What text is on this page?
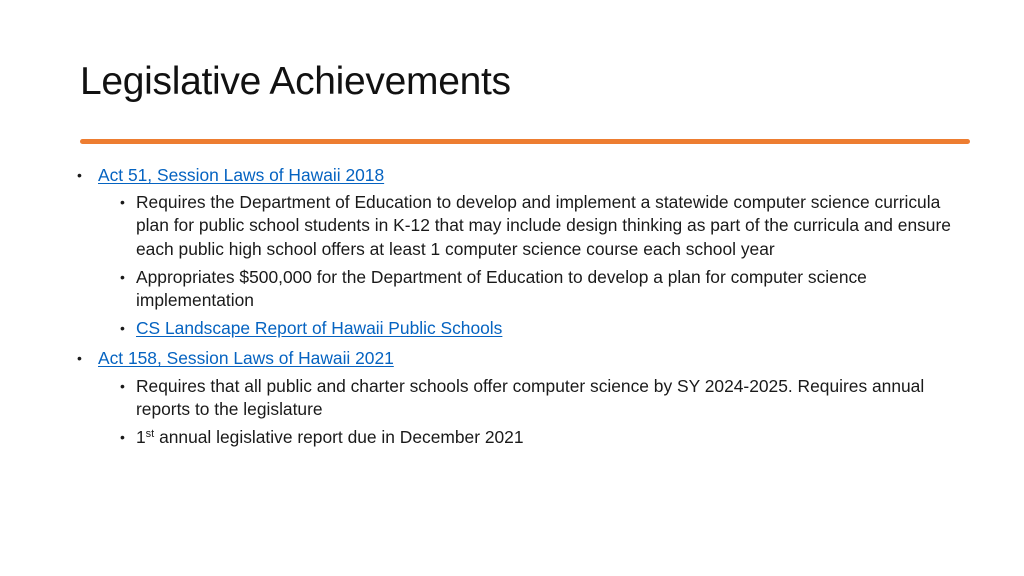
Legislative Achievements
• Act 51, Session Laws of Hawaii 2018
• Requires the Department of Education to develop and implement a statewide computer science curricula plan for public school students in K-12 that may include design thinking as part of the curricula and ensure each public high school offers at least 1 computer science course each school year
• Appropriates $500,000 for the Department of Education to develop a plan for computer science implementation
• CS Landscape Report of Hawaii Public Schools
• Act 158, Session Laws of Hawaii 2021
• Requires that all public and charter schools offer computer science by SY 2024-2025. Requires annual reports to the legislature
• 1st annual legislative report due in December 2021
